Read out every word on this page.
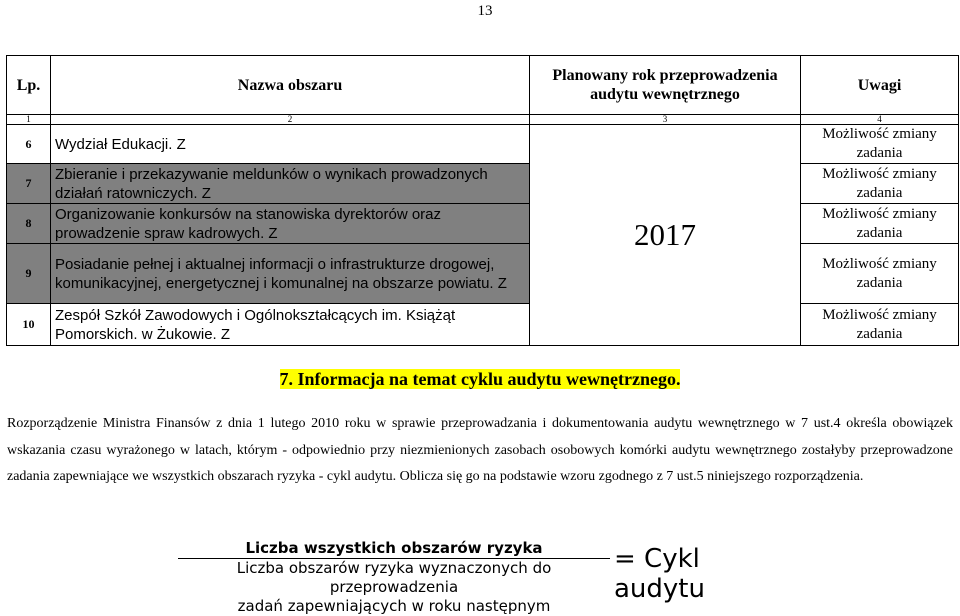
13
Lp.	Nazwa obszaru	Planowany rok przeprowadzenia audytu wewnętrznego	Uwagi
1	2	3	4
6	Wydział Edukacji. Z	2017	Możliwość zmiany zadania
7	Zbieranie i przekazywanie meldunków o wynikach prowadzonych działań ratowniczych. Z		Możliwość zmiany zadania
8	Organizowanie konkursów na stanowiska dyrektorów oraz prowadzenie spraw kadrowych. Z		Możliwość zmiany zadania
9	Posiadanie pełnej i aktualnej informacji o infrastrukturze drogowej, komunikacyjnej, energetycznej i komunalnej na obszarze powiatu. Z		Możliwość zmiany zadania
10	Zespół Szkół Zawodowych i Ogólnokształcących im. Książąt Pomorskich. w Żukowie. Z		Możliwość zmiany zadania
7. Informacja na temat cyklu audytu wewnętrznego.
Rozporządzenie Ministra Finansów z dnia 1 lutego 2010 roku w sprawie przeprowadzania i dokumentowania audytu wewnętrznego w 7 ust.4 określa obowiązek wskazania czasu wyrażonego w latach, którym - odpowiednio przy niezmienionych zasobach osobowych komórki audytu wewnętrznego zostałyby przeprowadzone zadania zapewniające we wszystkich obszarach ryzyka - cykl audytu. Oblicza się go na podstawie wzoru zgodnego z 7 ust.5 niniejszego rozporządzenia.
Liczba wszystkich obszarów ryzyka
Liczba obszarów ryzyka wyznaczonych do przeprowadzenia
zadań zapewniających w roku następnym
= Cykl audytu
